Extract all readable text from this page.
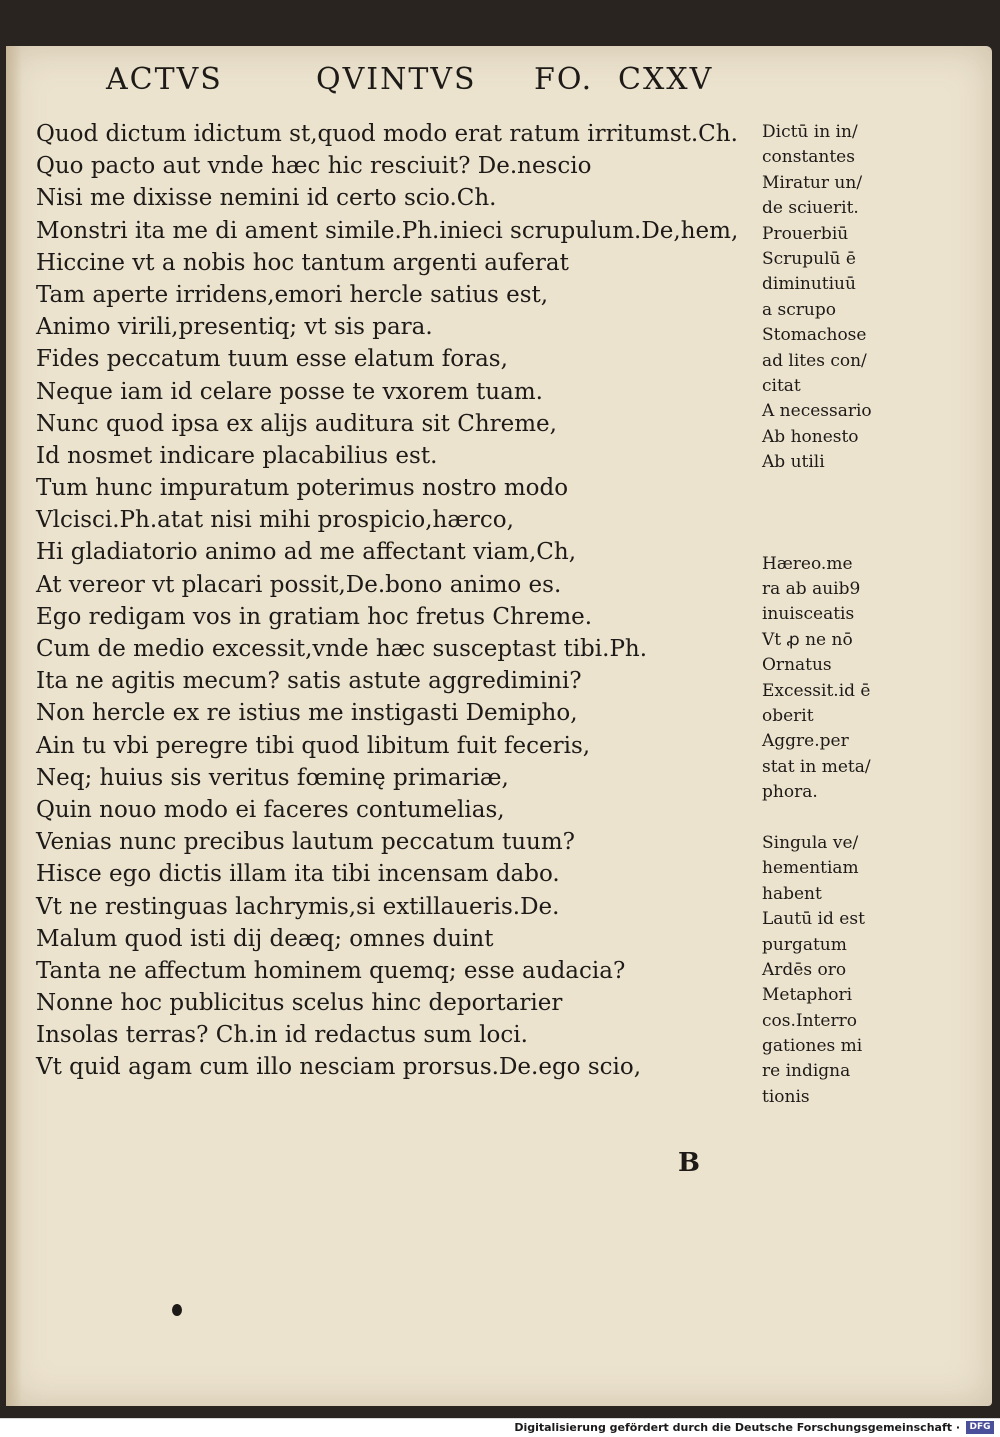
ACTVS	QVINTVS FO. CXXV
Quod dictum idictum st,quod modo erat ratum irritumst.Ch.
Quo pacto aut vnde hæc hic resciuit? De.nescio
Nisi me dixisse nemini id certo scio.Ch.
Monstri ita me di ament simile.Ph.inieci scrupulum.De,hem,
Hiccine vt a nobis hoc tantum argenti auferat
Tam aperte irridens,emori hercle satius est,
Animo virili,presentiq; vt sis para.
Fides peccatum tuum esse elatum foras,
Neque iam id celare posse te vxorem tuam.
Nunc quod ipsa ex alijs auditura sit Chreme,
Id nosmet indicare placabilius est.
Tum hunc impuratum poterimus nostro modo
Vlcisci.Ph.atat nisi mihi prospicio,hærco,
Hi gladiatorio animo ad me affectant viam,Ch,
At vereor vt placari possit,De.bono animo es.
Ego redigam vos in gratiam hoc fretus Chreme.
Cum de medio excessit,vnde hæc susceptast tibi.Ph.
Ita ne agitis mecum? satis astute aggredimini?
Non hercle ex re istius me instigasti Demipho,
Ain tu vbi peregre tibi quod libitum fuit feceris,
Neq; huius sis veritus fœminę primariæ,
Quin nouo modo ei faceres contumelias,
Venias nunc precibus lautum peccatum tuum?
Hisce ego dictis illam ita tibi incensam dabo.
Vt ne restinguas lachrymis,si extillaueris.De.
Malum quod isti dij deæq; omnes duint
Tanta ne affectum hominem quemq; esse audacia?
Nonne hoc publicitus scelus hinc deportarier
Insolas terras? Ch.in id redactus sum loci.
Vt quid agam cum illo nesciam prorsus.De.ego scio,
Dictū in in/
constantes
Miratur un/
de sciuerit.
Prouerbiū
Scrupulū ē
diminutiuū
a scrupo
Stomachose
ad lites con/
citat
A necessario
Ab honesto
Ab utili
Hæreo.me
ra ab auib9
inuisceatis
Vt ꝓ ne nō
Ornatus
Excessit.id ē
oberit
Aggre.per
stat in meta/
phora.
Singula ve/
hementiam
habent
Lautū id est
purgatum
Ardēs oro
Metaphori
cos.Interro
gationes mi
re indigna
tionis
B
Digitalisierung gefördert durch die Deutsche Forschungsgemeinschaft ·	DFG
